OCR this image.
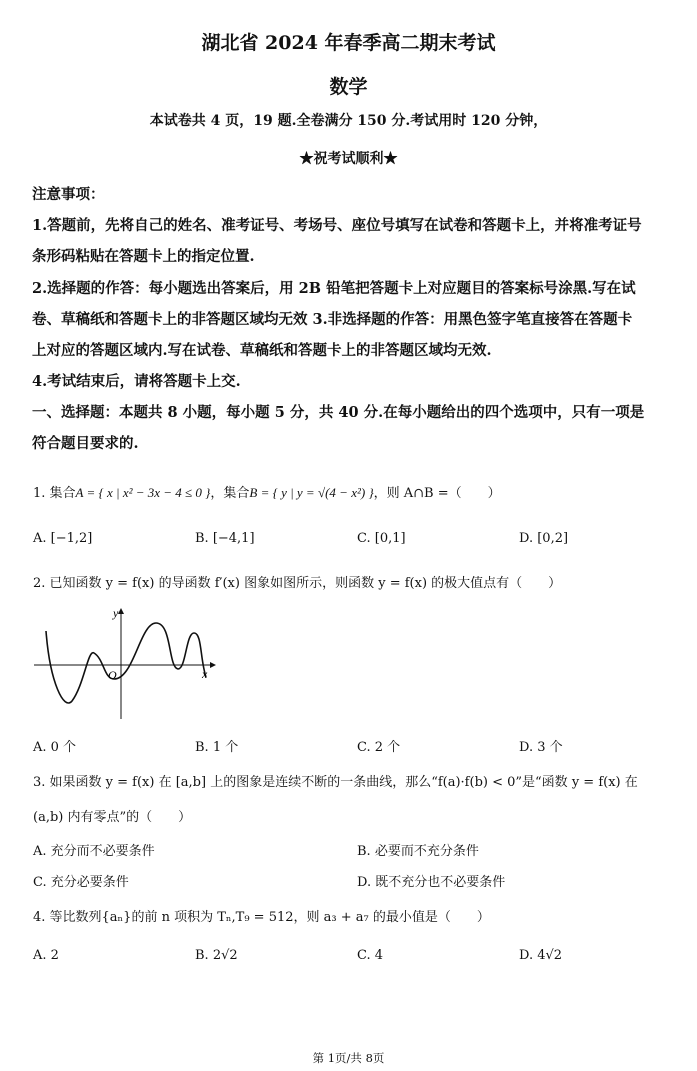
湖北省 2024 年春季高二期末考试
数学
本试卷共 4 页，19 题.全卷满分 150 分.考试用时 120 分钟，
★祝考试顺利★
注意事项：
1.答题前，先将自己的姓名、准考证号、考场号、座位号填写在试卷和答题卡上，并将准考证号
条形码粘贴在答题卡上的指定位置.
2.选择题的作答：每小题选出答案后，用 2B 铅笔把答题卡上对应题目的答案标号涂黑.写在试
卷、草稿纸和答题卡上的非答题区域均无效 3.非选择题的作答：用黑色签字笔直接答在答题卡
上对应的答题区域内.写在试卷、草稿纸和答题卡上的非答题区域均无效.
4.考试结束后，请将答题卡上交.
一、选择题：本题共 8 小题，每小题 5 分，共 40 分.在每小题给出的四个选项中，只有一项是
符合题目要求的.
1. 集合A = { x | x² − 3x − 4 ≤ 0 }，集合B = { y | y = √(4 − x²) }，则 A∩B =（　　）
A. [−1,2]	B. [−4,1]	C. [0,1]	D. [0,2]
2. 已知函数 y = f(x) 的导函数 f′(x) 图象如图所示，则函数 y = f(x) 的极大值点有（　　）
y
O	x
A. 0 个	B. 1 个	C. 2 个	D. 3 个
3. 如果函数 y = f(x) 在 [a,b] 上的图象是连续不断的一条曲线，那么“f(a)·f(b) < 0”是“函数 y = f(x) 在
(a,b) 内有零点”的（　　）
A. 充分而不必要条件	B. 必要而不充分条件
C. 充分必要条件	D. 既不充分也不必要条件
4. 等比数列{aₙ}的前 n 项积为 Tₙ,T₉ = 512，则 a₃ + a₇ 的最小值是（　　）
A. 2	B. 2√2	C. 4	D. 4√2
第 1页/共 8页
